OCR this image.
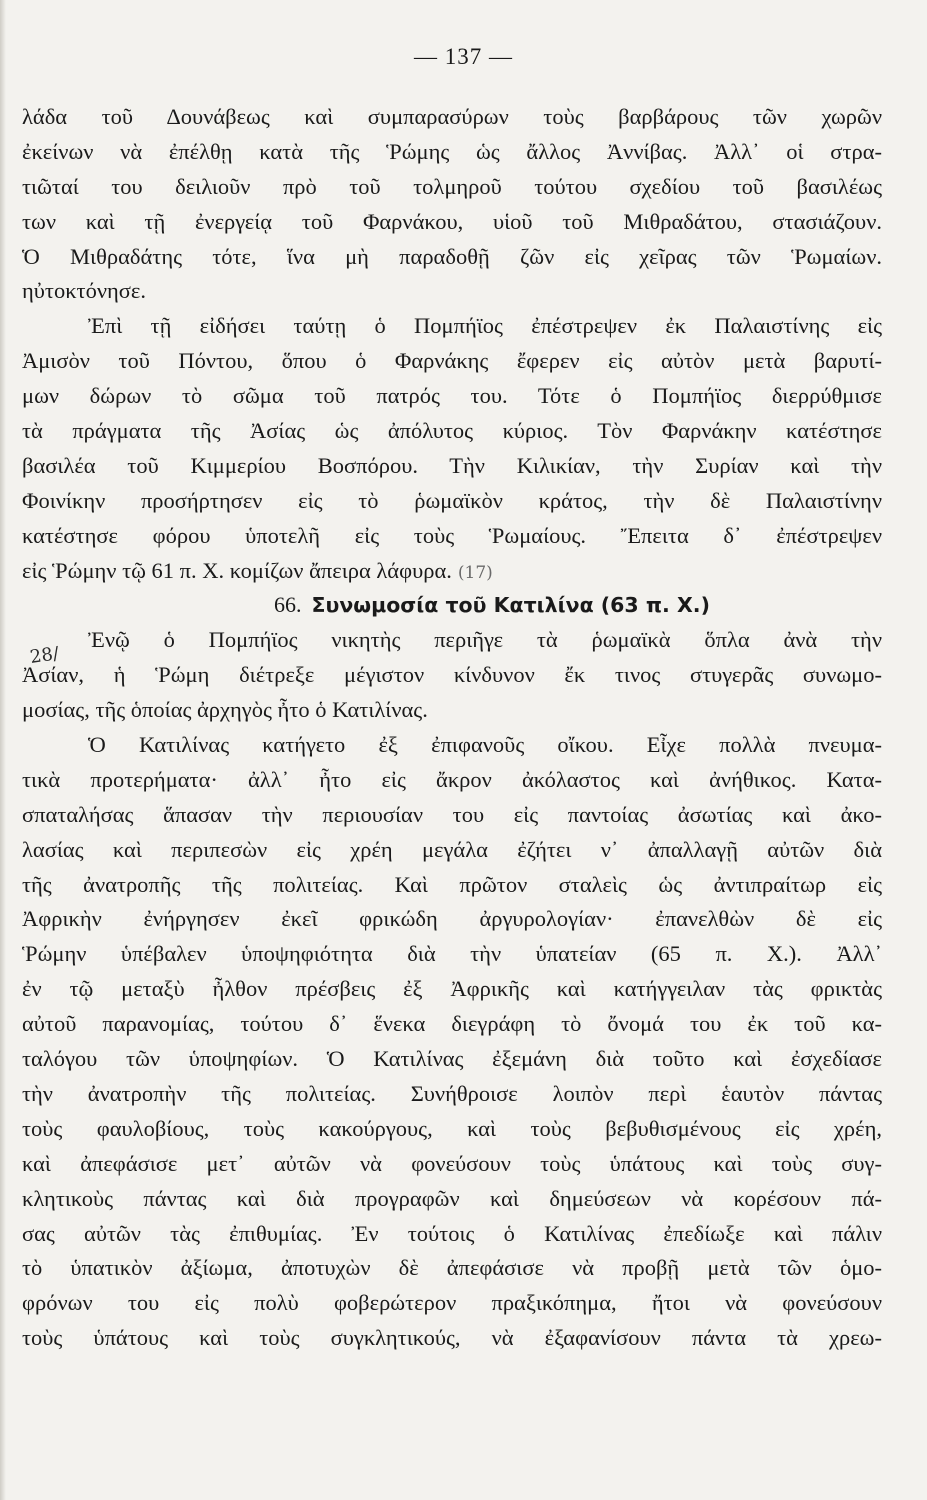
— 137 —
28/
λάδα τοῦ Δουνάβεως καὶ συμπαρασύρων τοὺς βαρβάρους τῶν χωρῶν
ἐκείνων νὰ ἐπέλθῃ κατὰ τῆς Ῥώμης ὡς ἄλλος Ἀννίβας. Ἀλλ᾽ οἱ στρα-
τιῶταί του δειλιοῦν πρὸ τοῦ τολμηροῦ τούτου σχεδίου τοῦ βασιλέως
των καὶ τῇ ἐνεργείᾳ τοῦ Φαρνάκου, υἱοῦ τοῦ Μιθραδάτου, στασιάζουν.
Ὁ Μιθραδάτης τότε, ἵνα μὴ παραδοθῇ ζῶν εἰς χεῖρας τῶν Ῥωμαίων.
ηὐτοκτόνησε.
Ἐπὶ τῇ εἰδήσει ταύτῃ ὁ Πομπήϊος ἐπέστρεψεν ἐκ Παλαιστίνης εἰς
Ἀμισὸν τοῦ Πόντου, ὅπου ὁ Φαρνάκης ἔφερεν εἰς αὐτὸν μετὰ βαρυτί-
μων δώρων τὸ σῶμα τοῦ πατρός του. Τότε ὁ Πομπήϊος διερρύθμισε
τὰ πράγματα τῆς Ἀσίας ὡς ἀπόλυτος κύριος. Τὸν Φαρνάκην κατέστησε
βασιλέα τοῦ Κιμμερίου Βοσπόρου. Τὴν Κιλικίαν, τὴν Συρίαν καὶ τὴν
Φοινίκην προσήρτησεν εἰς τὸ ῥωμαϊκὸν κράτος, τὴν δὲ Παλαιστίνην
κατέστησε φόρου ὑποτελῆ εἰς τοὺς Ῥωμαίους. Ἔπειτα δ᾽ ἐπέστρεψεν
εἰς Ῥώμην τῷ 61 π. Χ. κομίζων ἄπειρα λάφυρα. (17)
66. Συνωμοσία τοῦ Κατιλίνα (63 π. Χ.)
Ἐνῷ ὁ Πομπήϊος νικητὴς περιῆγε τὰ ῥωμαϊκὰ ὅπλα ἀνὰ τὴν
Ἀσίαν, ἡ Ῥώμη διέτρεξε μέγιστον κίνδυνον ἔκ τινος στυγερᾶς συνωμο-
μοσίας, τῆς ὁποίας ἀρχηγὸς ἦτο ὁ Κατιλίνας.
Ὁ Κατιλίνας κατήγετο ἐξ ἐπιφανοῦς οἴκου. Εἶχε πολλὰ πνευμα-
τικὰ προτερήματα· ἀλλ᾽ ἦτο εἰς ἄκρον ἀκόλαστος καὶ ἀνήθικος. Κατα-
σπαταλήσας ἅπασαν τὴν περιουσίαν του εἰς παντοίας ἀσωτίας καὶ ἀκο-
λασίας καὶ περιπεσὼν εἰς χρέη μεγάλα ἐζήτει ν᾽ ἀπαλλαγῇ αὐτῶν διὰ
τῆς ἀνατροπῆς τῆς πολιτείας. Καὶ πρῶτον σταλεὶς ὡς ἀντιπραίτωρ εἰς
Ἀφρικὴν ἐνήργησεν ἐκεῖ φρικώδη ἀργυρολογίαν· ἐπανελθὼν δὲ εἰς
Ῥώμην ὑπέβαλεν ὑποψηφιότητα διὰ τὴν ὑπατείαν (65 π. Χ.). Ἀλλ᾽
ἐν τῷ μεταξὺ ἦλθον πρέσβεις ἐξ Ἀφρικῆς καὶ κατήγγειλαν τὰς φρικτὰς
αὐτοῦ παρανομίας, τούτου δ᾽ ἕνεκα διεγράφη τὸ ὄνομά του ἐκ τοῦ κα-
ταλόγου τῶν ὑποψηφίων. Ὁ Κατιλίνας ἐξεμάνη διὰ τοῦτο καὶ ἐσχεδίασε
τὴν ἀνατροπὴν τῆς πολιτείας. Συνήθροισε λοιπὸν περὶ ἑαυτὸν πάντας
τοὺς φαυλοβίους, τοὺς κακούργους, καὶ τοὺς βεβυθισμένους εἰς χρέη,
καὶ ἀπεφάσισε μετ᾽ αὐτῶν νὰ φονεύσουν τοὺς ὑπάτους καὶ τοὺς συγ-
κλητικοὺς πάντας καὶ διὰ προγραφῶν καὶ δημεύσεων νὰ κορέσουν πά-
σας αὐτῶν τὰς ἐπιθυμίας. Ἐν τούτοις ὁ Κατιλίνας ἐπεδίωξε καὶ πάλιν
τὸ ὑπατικὸν ἀξίωμα, ἀποτυχὼν δὲ ἀπεφάσισε νὰ προβῇ μετὰ τῶν ὁμο-
φρόνων του εἰς πολὺ φοβερώτερον πραξικόπημα, ἤτοι νὰ φονεύσουν
τοὺς ὑπάτους καὶ τοὺς συγκλητικούς, νὰ ἐξαφανίσουν πάντα τὰ χρεω-
